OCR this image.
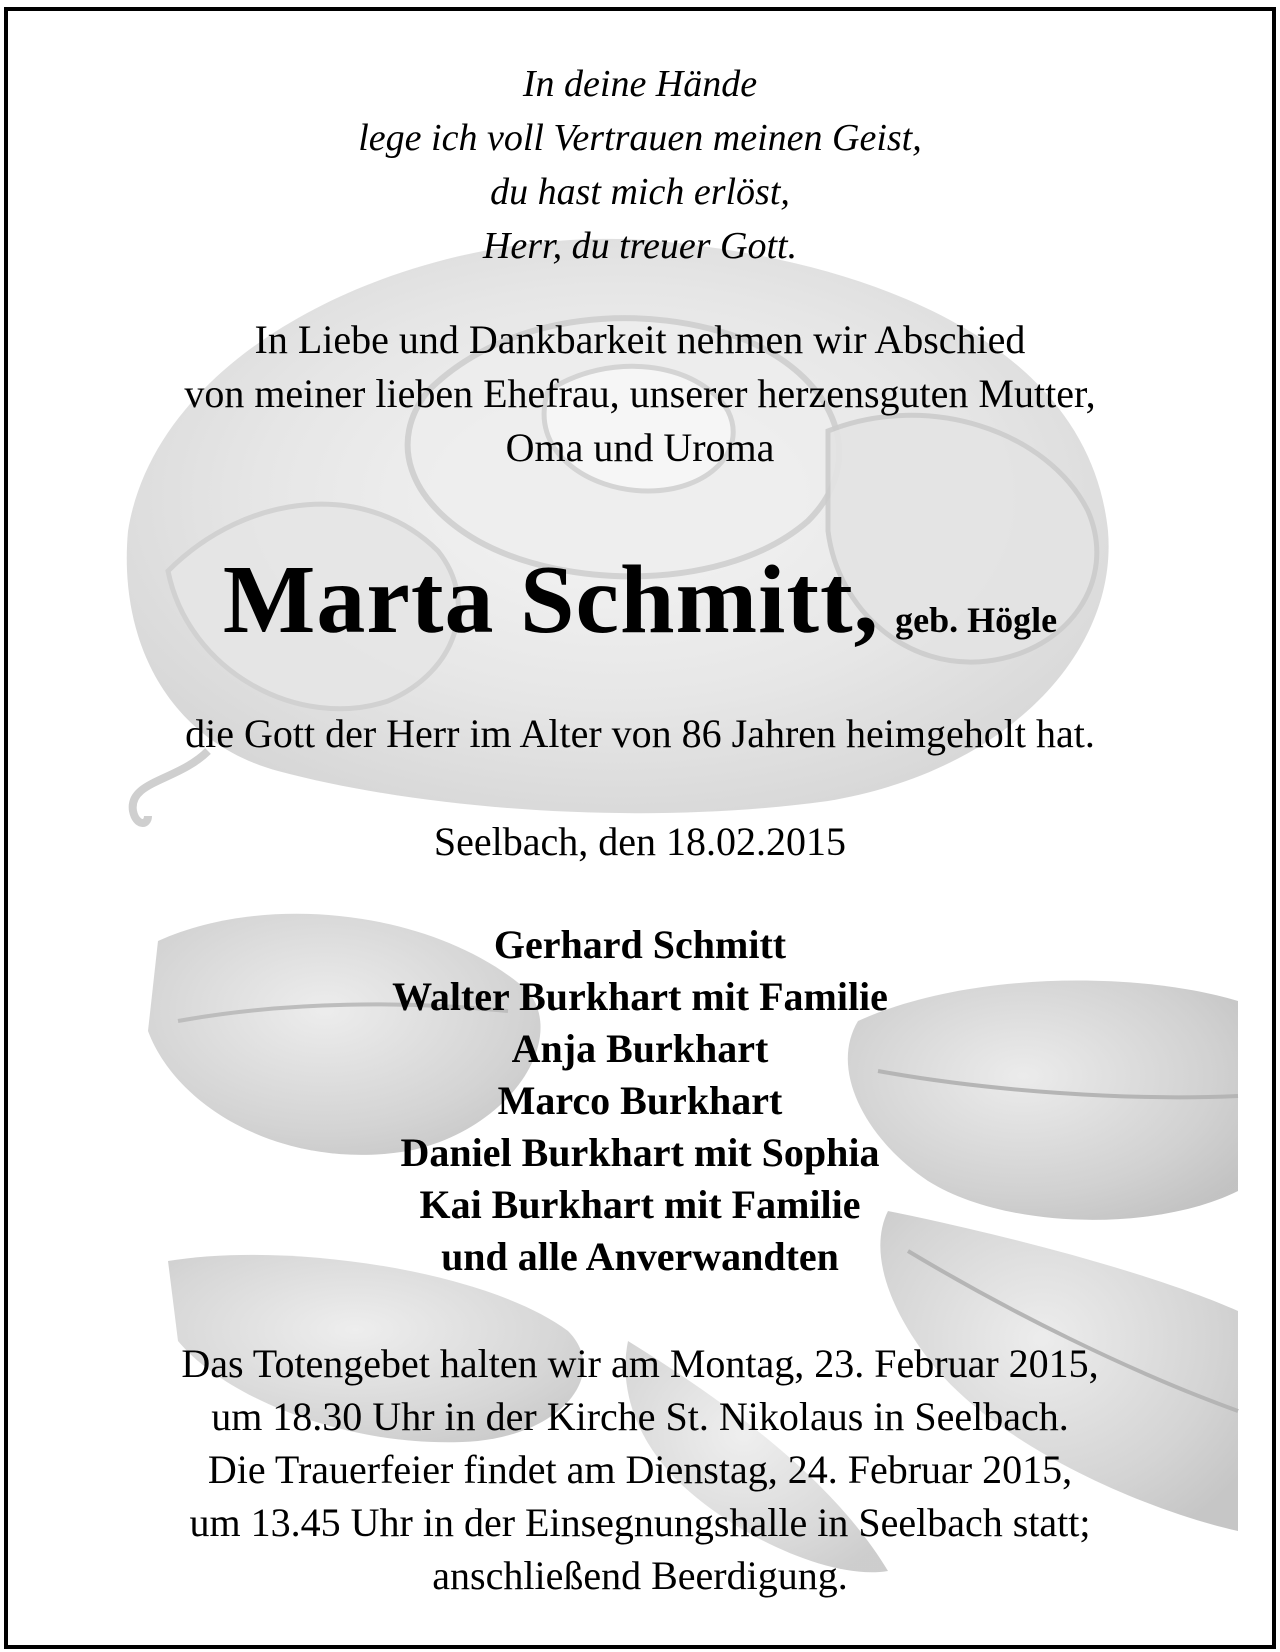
In deine Hände
lege ich voll Vertrauen meinen Geist,
du hast mich erlöst,
Herr, du treuer Gott.
In Liebe und Dankbarkeit nehmen wir Abschied
von meiner lieben Ehefrau, unserer herzensguten Mutter,
Oma und Uroma
Marta Schmitt, geb. Högle
die Gott der Herr im Alter von 86 Jahren heimgeholt hat.
Seelbach, den 18.02.2015
Gerhard Schmitt
Walter Burkhart mit Familie
Anja Burkhart
Marco Burkhart
Daniel Burkhart mit Sophia
Kai Burkhart mit Familie
und alle Anverwandten
Das Totengebet halten wir am Montag, 23. Februar 2015,
um 18.30 Uhr in der Kirche St. Nikolaus in Seelbach.
Die Trauerfeier findet am Dienstag, 24. Februar 2015,
um 13.45 Uhr in der Einsegnungshalle in Seelbach statt;
anschließend Beerdigung.
